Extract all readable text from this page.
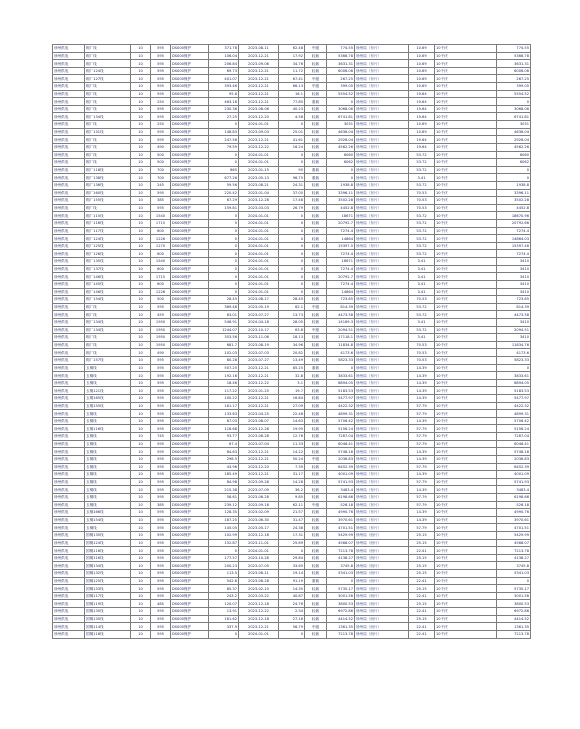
徐州供电	桐厂线	10	595	DS000保护	371.78	2023-08-11	62.48	中级	774.55	徐州局（东片）	10.69	10千伏	774.55
徐州供电	桐厂线	10	595	DS000保护	106.04	2023-12-21	17.92	轻载	5366.78	徐州局（东片）	10.69	10千伏	5366.78
徐州供电	桐厂线	10	595	DS000保护	206.84	2023-09-06	34.76	轻载	3631.31	徐州局（东片）	10.69	10千伏	3631.31
徐州供电	桐厂124线	10	595	DS000保护	69.73	2023-12-21	11.72	轻载	6006.06	徐州局（东片）	10.69	10千伏	6006.06
徐州供电	桐厂127线	10	595	DS000保护	401.07	2023-12-21	67.41	中级	267.25	徐州局（东片）	10.69	10千伏	267.25
徐州供电	桐厂线	10	595	DS000保护	393.46	2023-12-21	66.13	中级	399.05	徐州局（东片）	10.69	10千伏	399.05
徐州供电	桐厂线	10	595	DS000保护	95.8	2023-12-21	16.1	轻载	5554.52	徐州局（东片）	19.64	10千伏	5554.52
徐州供电	桐厂线	10	250	DS000保护	463.18	2023-12-21	77.85	重载	0	徐州局（东片）	19.64	10千伏	0
徐州供电	桐厂线	10	595	DS000保护	230.36	2023-08-06	40.23	轻载	3068.06	徐州局（东片）	19.64	10千伏	3068.06
徐州供电	桐厂134线	10	595	DS000保护	27.25	2023-12-20	4.58	轻载	6741.81	徐州局（东片）	19.64	10千伏	6741.81
徐州供电	桐厂线	10	250	DS000保护	0	2024-01-01	0	轻载	3031	徐州局（东片）	10.69	10千伏	3031
徐州供电	桐厂131线	10	595	DS000保护	148.83	2023-09-03	25.01	轻载	4636.04	徐州局（东片）	10.69	10千伏	4636.04
徐州供电	桐厂线	10	595	DS000保护	247.56	2023-12-21	41.61	轻载	2926.04	徐州局（东片）	19.64	10千伏	2926.04
徐州供电	桐厂线	10	490	DS000保护	79.59	2023-12-22	16.24	轻载	4562.26	徐州局（东片）	19.64	10千伏	4562.26
徐州供电	桐厂线	10	500	DS000保护	0	2024-01-01	0	轻载	6060	徐州局（东片）	53.72	10千伏	6060
徐州供电	桐厂线	10	500	DS000保护	0	2024-01-01	0	轻载	6062	徐州局（东片）	53.72	10千伏	6062
徐州供电	桐厂118线	10	700	DS000保护	865	2023-01-15	95	重载	0	徐州局（东片）	53.72	10千伏	0
徐州供电	桐厂138线	10	700	DS000保护	677.26	2023-05-13	96.75	重载	0	徐州局（东片）	3.41	10千伏	0
徐州供电	桐厂136线	10	245	DS000保护	59.56	2023-08-21	24.31	轻载	1938.8	徐州局（东片）	53.72	10千伏	1938.8
徐州供电	桐厂160线	10	595	DS000保护	220.42	2023-01-04	37.05	轻载	3396.11	徐州局（东片）	70.53	10千伏	3396.11
徐州供电	桐厂155线	10	385	DS000保护	67.29	2023-12-28	17.48	轻载	3502.28	徐州局（东片）	70.53	10千伏	3502.28
徐州供电	桐厂线	10	595	DS000保护	159.81	2023-03-03	26.79	轻载	4452.8	徐州局（东片）	70.53	10千伏	4452.8
徐州供电	桐厂115线	10	1540	DS000保护	0	2024-01-01	0	轻载	18671	徐州局（东片）	53.72	10千伏	18670.96
徐州供电	桐厂116线	10	1715	DS000保护	0	2024-01-01	0	轻载	20792.7	徐州局（东片）	53.72	10千伏	20792.66
徐州供电	桐厂117线	10	600	DS000保护	0	2024-01-01	0	轻载	7274.4	徐州局（东片）	53.72	10千伏	7274.4
徐州供电	桐厂124线	10	1226	DS000保护	0	2024-01-01	0	轻载	14864	徐州局（东片）	53.72	10千伏	14864.03
徐州供电	桐厂125线	10	1270	DS000保护	0	2024-01-01	0	轻载	15397.5	徐州局（东片）	53.72	10千伏	15397.46
徐州供电	桐厂126线	10	600	DS000保护	0	2024-01-01	0	轻载	7274.4	徐州局（东片）	53.72	10千伏	7274.4
徐州供电	桐厂135线	10	1540	DS000保护	0	2024-01-01	0	轻载	18671	徐州局（东片）	3.41	10千伏	3410
徐州供电	桐厂137线	10	600	DS000保护	0	2024-01-01	0	轻载	7274.4	徐州局（东片）	3.41	10千伏	3410
徐州供电	桐厂146线	10	1715	DS000保护	0	2024-01-01	0	轻载	20792.7	徐州局（东片）	3.41	10千伏	3410
徐州供电	桐厂145线	10	600	DS000保护	0	2024-01-01	0	轻载	7274.4	徐州局（东片）	3.41	10千伏	3410
徐州供电	桐厂146线	10	1226	DS000保护	0	2024-01-01	0	轻载	14864	徐州局（东片）	3.41	10千伏	3410
徐州供电	桐厂154线	10	500	DS000保护	28.45	2023-08-17	28.45	轻载	723.65	徐州局（东片）	70.53	10千伏	723.65
徐州供电	桐厂线	10	595	DS000保护	369.48	2023-05-19	62.1	中级	814.39	徐州局（东片）	53.72	10千伏	814.39
徐州供电	桐厂线	10	459	DS000保护	63.01	2023-07-27	13.73	轻载	4473.58	徐州局（东片）	53.72	10千伏	4473.58
徐州供电	桐厂134线	10	1950	DS000保护	546.91	2024-04-18	28.05	轻载	14169.3	徐州局（东片）	3.41	10千伏	3410
徐州供电	桐厂134线	10	1950	DS000保护	1244.07	2023-10-17	63.8	中级	2094.51	徐州局（东片）	53.72	10千伏	2094.51
徐州供电	桐厂线	10	1950	DS000保护	353.56	2023-11-06	18.13	轻载	17118.1	徐州局（东片）	3.41	10千伏	3410
徐州供电	桐厂线	10	1950	DS000保护	681.7	2023-08-19	34.96	轻载	11834.8	徐州局（东片）	70.53	10千伏	11834.76
徐州供电	桐厂线	10	490	DS000保护	102.03	2023-07-03	20.82	轻载	4173.6	徐州局（东片）	70.53	10千伏	4173.6
徐州供电	桐厂157线	10	595	DS000保护	80.28	2023-07-27	13.49	轻载	5823.33	徐州局（东片）	70.53	10千伏	5823.33
徐州供电	玉桐线	10	595	DS000保护	507.25	2023-12-21	85.25	重载	0	徐州局（东片）	14.39	10千伏	0
徐州供电	玉桐线	10	595	DS000保护	192.16	2023-12-21	32.8	轻载	3833.61	徐州局（东片）	14.39	10千伏	3833.61
徐州供电	玉桐线	10	595	DS000保护	18.46	2023-12-22	3.1	轻载	6894.05	徐州局（东片）	14.39	10千伏	6894.05
徐州供电	玉桐121线	10	595	DS000保护	117.22	2023-01-25	19.7	轻载	5183.53	徐州局（东片）	14.39	10千伏	5183.53
徐州供电	玉桐165线	10	595	DS000保护	100.22	2023-12-21	16.84	轻载	5477.97	徐州局（东片）	14.39	10千伏	5477.97
徐州供电	玉桐155线	10	595	DS000保护	161.17	2023-12-21	27.09	轻载	4422.32	徐州局（东片）	57.79	10千伏	4422.32
徐州供电	玉桐线	10	595	DS000保护	133.63	2023-04-25	22.46	轻载	4899.31	徐州局（东片）	57.79	10千伏	4899.31
徐州供电	玉桐线	10	595	DS000保护	87.03	2023-08-07	14.63	轻载	5706.42	徐州局（东片）	14.39	10千伏	5706.42
徐州供电	玉桐116线	10	595	DS000保护	118.68	2023-12-26	19.95	轻载	5158.24	徐州局（东片）	57.79	10千伏	5158.24
徐州供电	玉桐线	10	745	DS000保护	93.77	2023-06-28	12.76	轻载	7287.04	徐州局（东片）	57.79	10千伏	7287.04
徐州供电	玉桐线	10	595	DS000保护	67.4	2023-07-04	11.33	轻载	6046.41	徐州局（东片）	57.79	10千伏	6046.41
徐州供电	玉桐线	10	595	DS000保护	84.63	2023-12-21	14.22	轻载	5748.16	徐州局（东片）	14.39	10千伏	5748.16
徐州供电	玉桐线	10	595	DS000保护	298.5	2023-12-21	50.24	中级	2036.83	徐州局（东片）	14.39	10千伏	2036.83
徐州供电	玉桐线	10	595	DS000保护	43.96	2023-12-20	7.39	轻载	6452.39	徐州局（东片）	57.79	10千伏	6452.39
徐州供电	玉桐线	10	595	DS000保护	185.49	2023-12-21	31.17	轻载	4001.09	徐州局（东片）	14.39	10千伏	4001.09
徐州供电	玉桐线	10	595	DS000保护	84.98	2023-09-26	14.28	轻载	5741.93	徐州局（东片）	57.79	10千伏	5741.93
徐州供电	玉桐线	10	595	DS000保护	215.38	2023-07-09	36.2	轻载	3483.4	徐州局（东片）	14.39	10千伏	3483.4
徐州供电	玉桐线	10	595	DS000保护	58.61	2023-06-28	9.85	轻载	6198.66	徐州局（东片）	57.79	10千伏	6198.66
徐州供电	玉桐线	10	385	DS000保护	239.12	2023-09-18	62.11	中级	526.18	徐州局（东片）	57.79	10千伏	526.18
徐州供电	玉桐166线	10	595	DS000保护	128.35	2023-02-09	21.57	轻载	4990.76	徐州局（东片）	14.39	10千伏	4990.76
徐州供电	玉桐154线	10	595	DS000保护	187.25	2023-06-30	31.47	轻载	3970.61	徐州局（东片）	14.39	10千伏	3970.61
徐州供电	玉桐线	10	595	DS000保护	145.05	2023-05-17	24.38	轻载	4701.51	徐州局（东片）	57.79	10千伏	4701.51
徐州供电	国桐135线	10	595	DS000保护	102.99	2023-12-18	17.31	轻载	5429.99	徐州局（西片）	25.15	10千伏	5429.99
徐州供电	国桐124线	10	595	DS000保护	152.87	2023-11-01	25.69	轻载	4568.07	徐州局（西片）	25.15	10千伏	4568.07
徐州供电	国桐116线	10	595	DS000保护	0	2024-01-01	0	轻载	7213.78	徐州局（西片）	22.41	10千伏	7213.78
徐州供电	国桐116线	10	595	DS000保护	177.57	2023-10-28	29.84	轻载	4138.27	徐州局（西片）	25.15	10千伏	4138.27
徐州供电	国桐134线	10	595	DS000保护	200.23	2023-07-05	33.65	轻载	3745.8	徐州局（西片）	25.15	10千伏	3745.8
徐州供电	国桐132线	10	595	DS000保护	113.5	2023-06-11	19.14	轻载	5341.03	徐州局（西片）	25.15	10千伏	5341.03
徐州供电	国桐125线	10	595	DS000保护	542.6	2023-06-28	91.19	重载	0	徐州局（西片）	22.41	10千伏	0
徐州供电	国桐133线	10	595	DS000保护	85.37	2023-02-10	14.35	轻载	5735.17	徐州局（西片）	25.15	10千伏	5735.17
徐州供电	国桐117线	10	595	DS000保护	243.2	2023-03-22	40.87	轻载	3001.56	徐州局（西片）	22.41	10千伏	3001.56
徐州供电	国桐119线	10	485	DS000保护	120.07	2023-12-18	24.76	轻载	3800.53	徐州局（西片）	25.15	10千伏	3800.53
徐州供电	国桐130线	10	595	DS000保护	13.91	2023-12-22	2.34	轻载	6972.86	徐州局（西片）	22.41	10千伏	6972.86
徐州供电	国桐135线	10	595	DS000保护	161.62	2023-12-18	27.16	轻载	4414.52	徐州局（西片）	25.15	10千伏	4414.52
徐州供电	国桐114线	10	595	DS000保护	337.9	2023-12-21	56.79	中级	1361.35	徐州局（西片）	22.41	10千伏	1361.35
徐州供电	国桐118线	10	595	DS000保护	0	2024-01-01	0	轻载	7213.78	徐州局（西片）	22.41	10千伏	7213.78
